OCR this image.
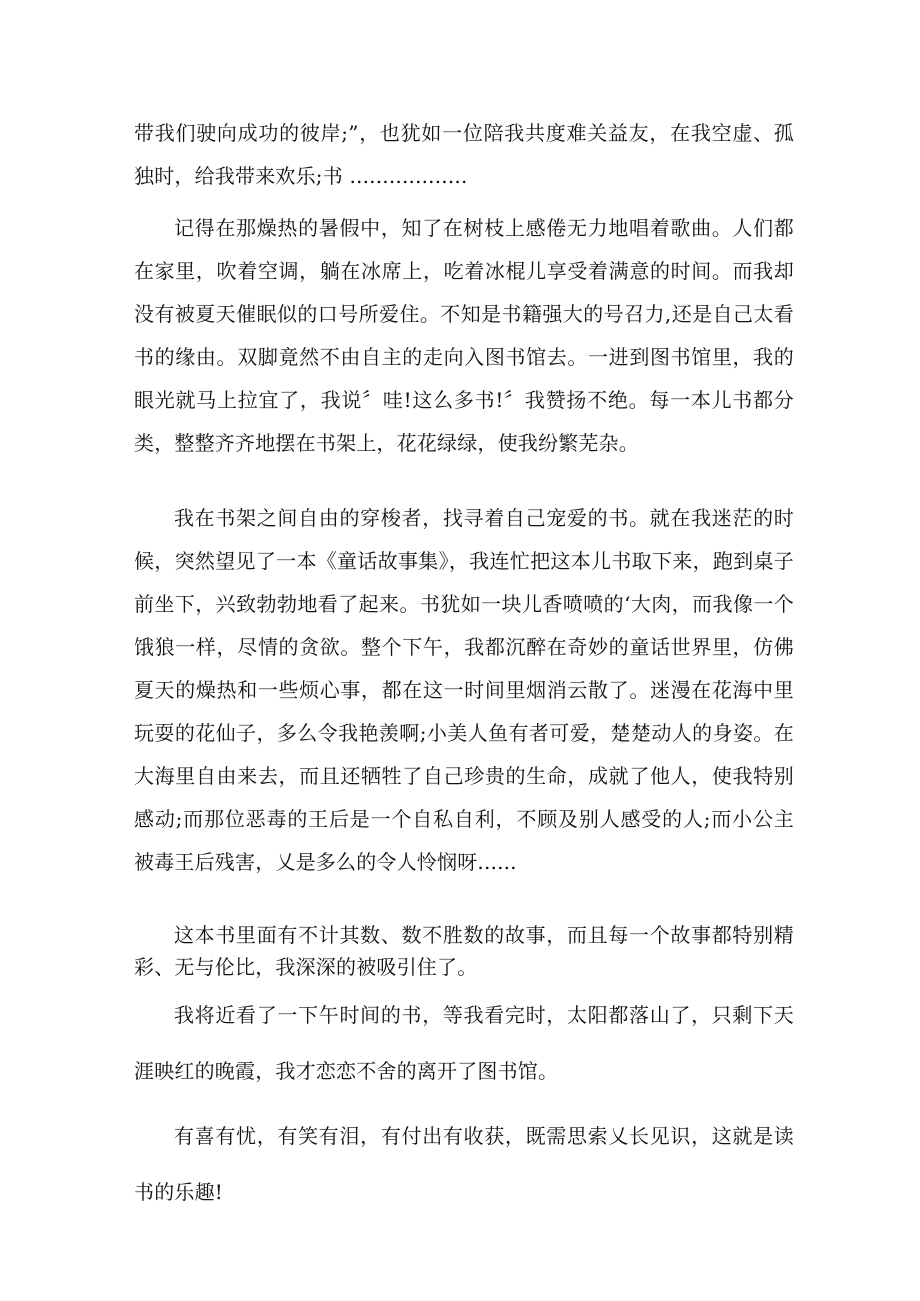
带我们驶向成功的彼岸;”，也犹如一位陪我共度难关益友，在我空虚、孤独时，给我带来欢乐;书 ..................

记得在那燥热的暑假中，知了在树枝上感倦无力地唱着歌曲。人们都在家里，吹着空调，躺在冰席上，吃着冰棍儿享受着满意的时间。而我却没有被夏天催眠似的口号所爱住。不知是书籍强大的号召力,还是自己太看书的缘由。双脚竟然不由自主的走向入图书馆去。一进到图书馆里，我的眼光就马上拉宜了，我说〞哇!这么多书!〞我赞扬不绝。每一本儿书都分类，整整齐齐地摆在书架上，花花绿绿，使我纷繁芜杂。

我在书架之间自由的穿梭者，找寻着自己宠爱的书。就在我迷茫的时候，突然望见了一本《童话故事集》，我连忙把这本儿书取下来，跑到桌子前坐下，兴致勃勃地看了起来。书犹如一块儿香喷喷的‘大肉，而我像一个饿狼一样，尽情的贪欲。整个下午，我都沉醉在奇妙的童话世界里，仿佛夏天的燥热和一些烦心事，都在这一时间里烟消云散了。迷漫在花海中里玩耍的花仙子，多么令我艳羡啊;小美人鱼有者可爱，楚楚动人的身姿。在大海里自由来去，而且还牺牲了自己珍贵的生命，成就了他人，使我特别感动;而那位恶毒的王后是一个自私自利，不顾及别人感受的人;而小公主被毒王后残害，乂是多么的令人怜悯呀......

这本书里面有不计其数、数不胜数的故事，而且每一个故事都特别精彩、无与伦比，我深深的被吸引住了。

我将近看了一下午时间的书，等我看完时，太阳都落山了，只剩下天涯映红的晚霞，我才恋恋不舍的离开了图书馆。

有喜有忧，有笑有泪，有付出有收获，既需思索乂长见识，这就是读书的乐趣!
